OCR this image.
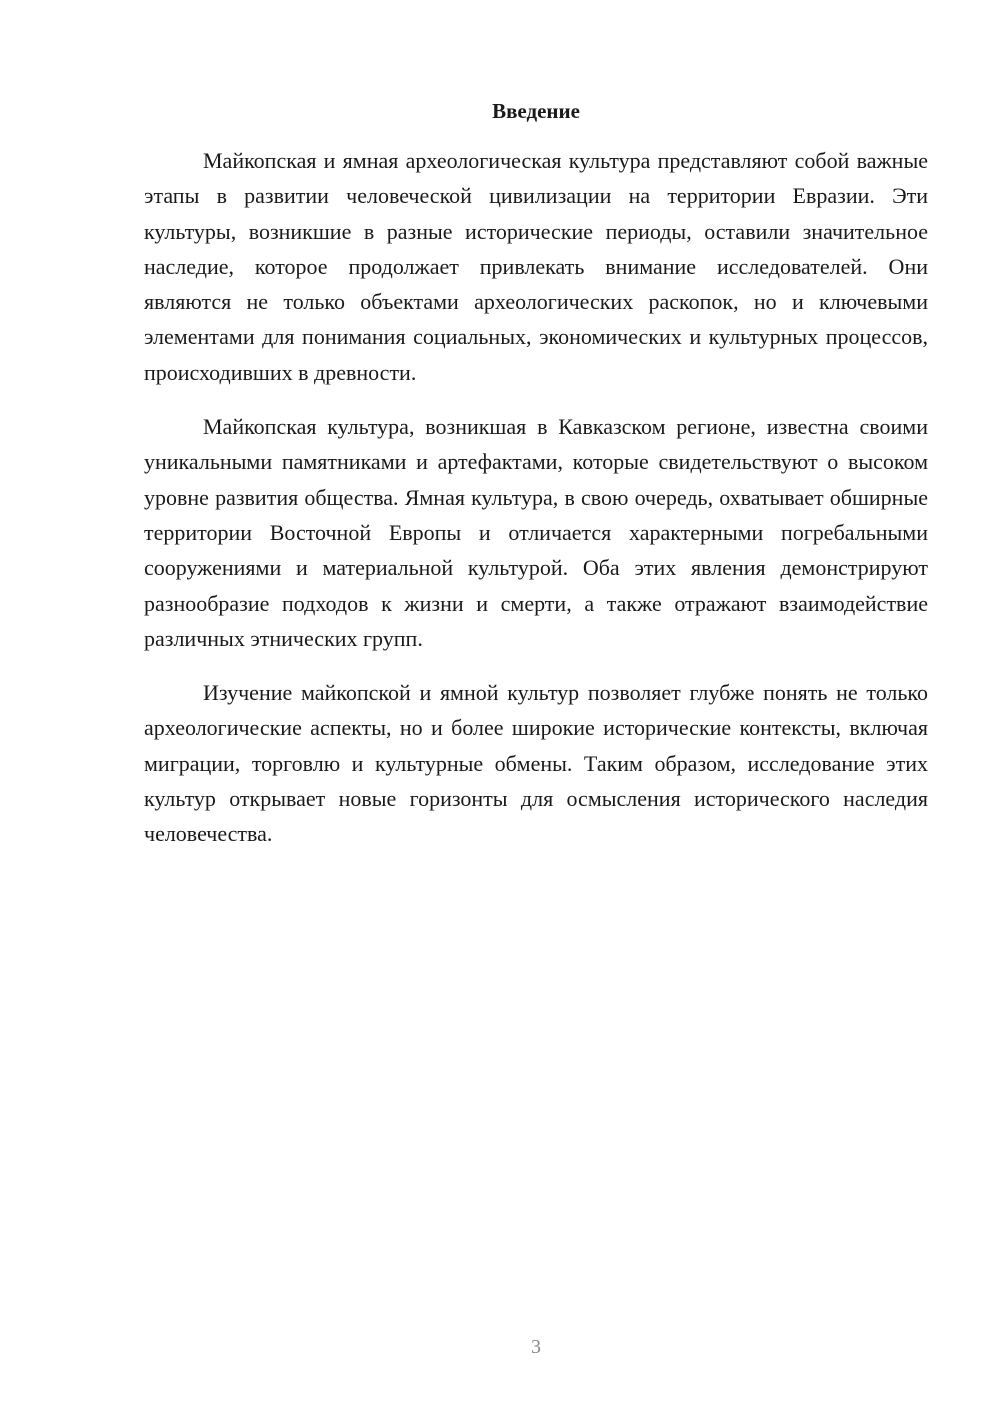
Введение

Майкопская и ямная археологическая культура представляют собой важные этапы в развитии человеческой цивилизации на территории Евразии. Эти культуры, возникшие в разные исторические периоды, оставили значительное наследие, которое продолжает привлекать внимание исследователей. Они являются не только объектами археологических раскопок, но и ключевыми элементами для понимания социальных, экономических и культурных процессов, происходивших в древности.

Майкопская культура, возникшая в Кавказском регионе, известна своими уникальными памятниками и артефактами, которые свидетельствуют о высоком уровне развития общества. Ямная культура, в свою очередь, охватывает обширные территории Восточной Европы и отличается характерными погребальными сооружениями и материальной культурой. Оба этих явления демонстрируют разнообразие подходов к жизни и смерти, а также отражают взаимодействие различных этнических групп.

Изучение майкопской и ямной культур позволяет глубже понять не только археологические аспекты, но и более широкие исторические контексты, включая миграции, торговлю и культурные обмены. Таким образом, исследование этих культур открывает новые горизонты для осмысления исторического наследия человечества.

3
